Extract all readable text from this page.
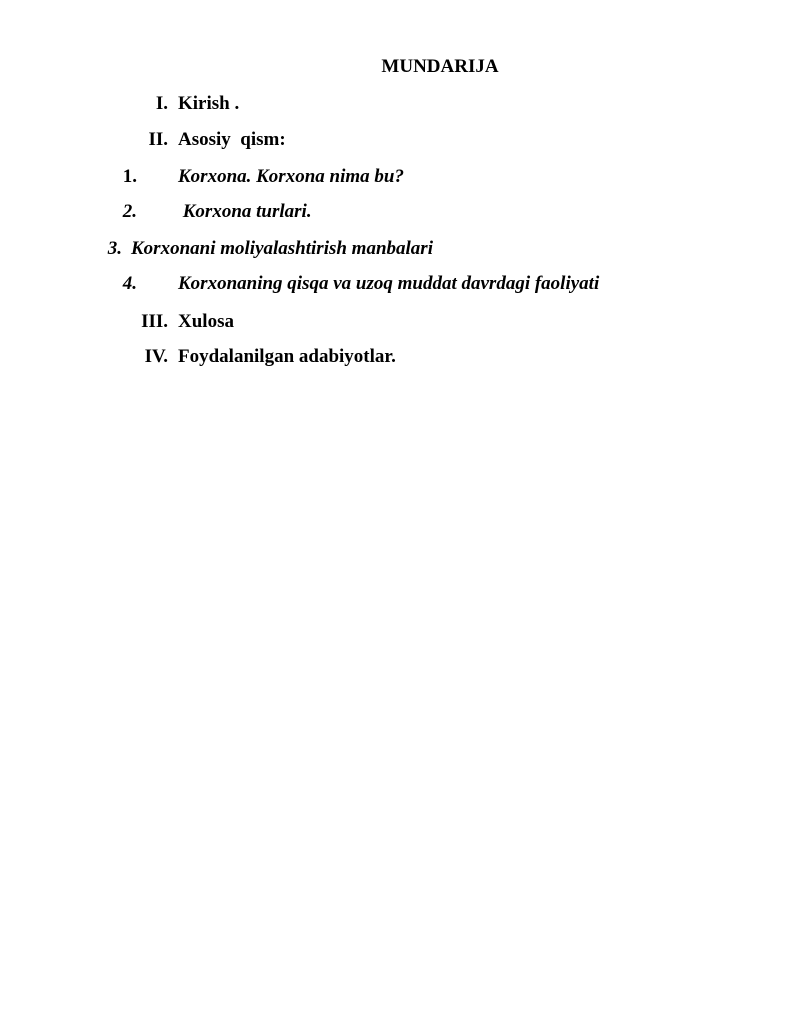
MUNDARIJA
I. Kirish .
II. Asosiy  qism:
1. Korxona. Korxona nima bu?
2. Korxona turlari.
3. Korxonani moliyalashtirish manbalari
4. Korxonaning qisqa va uzoq muddat davrdagi faoliyati
III. Xulosa
IV. Foydalanilgan adabiyotlar.
